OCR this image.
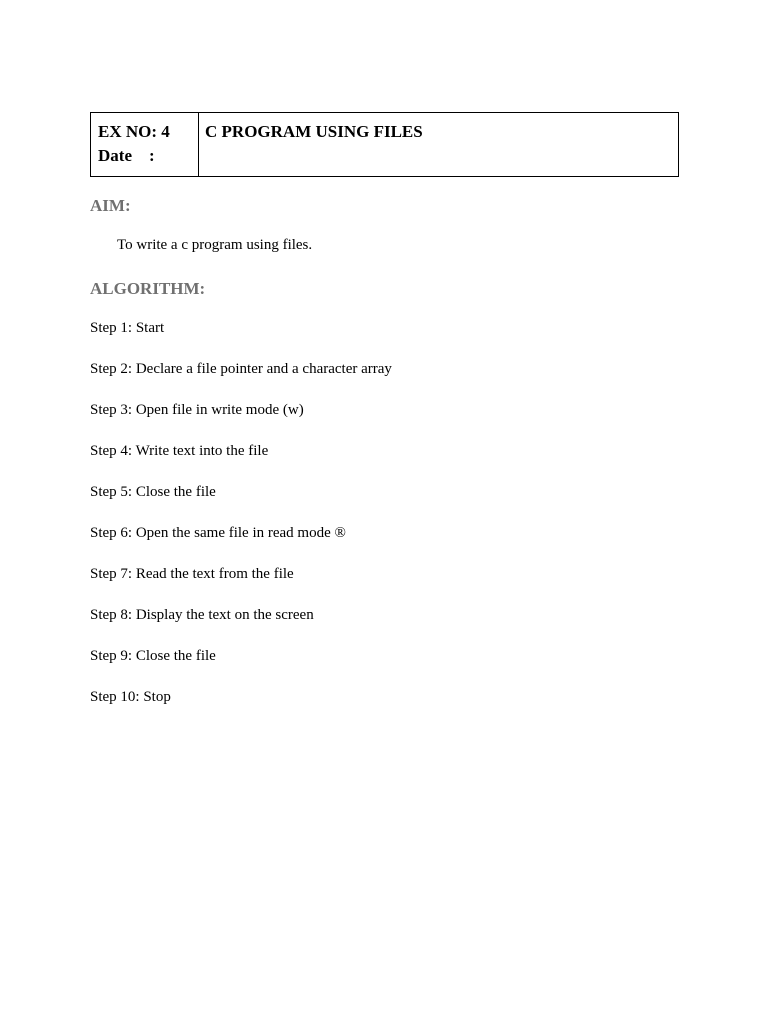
EX NO: 4
Date    :
C PROGRAM USING FILES
AIM:
To write a c program using files.
ALGORITHM:
Step 1: Start
Step 2: Declare a file pointer and a character array
Step 3: Open file in write mode (w)
Step 4: Write text into the file
Step 5: Close the file
Step 6: Open the same file in read mode ®
Step 7: Read the text from the file
Step 8: Display the text on the screen
Step 9: Close the file
Step 10: Stop
